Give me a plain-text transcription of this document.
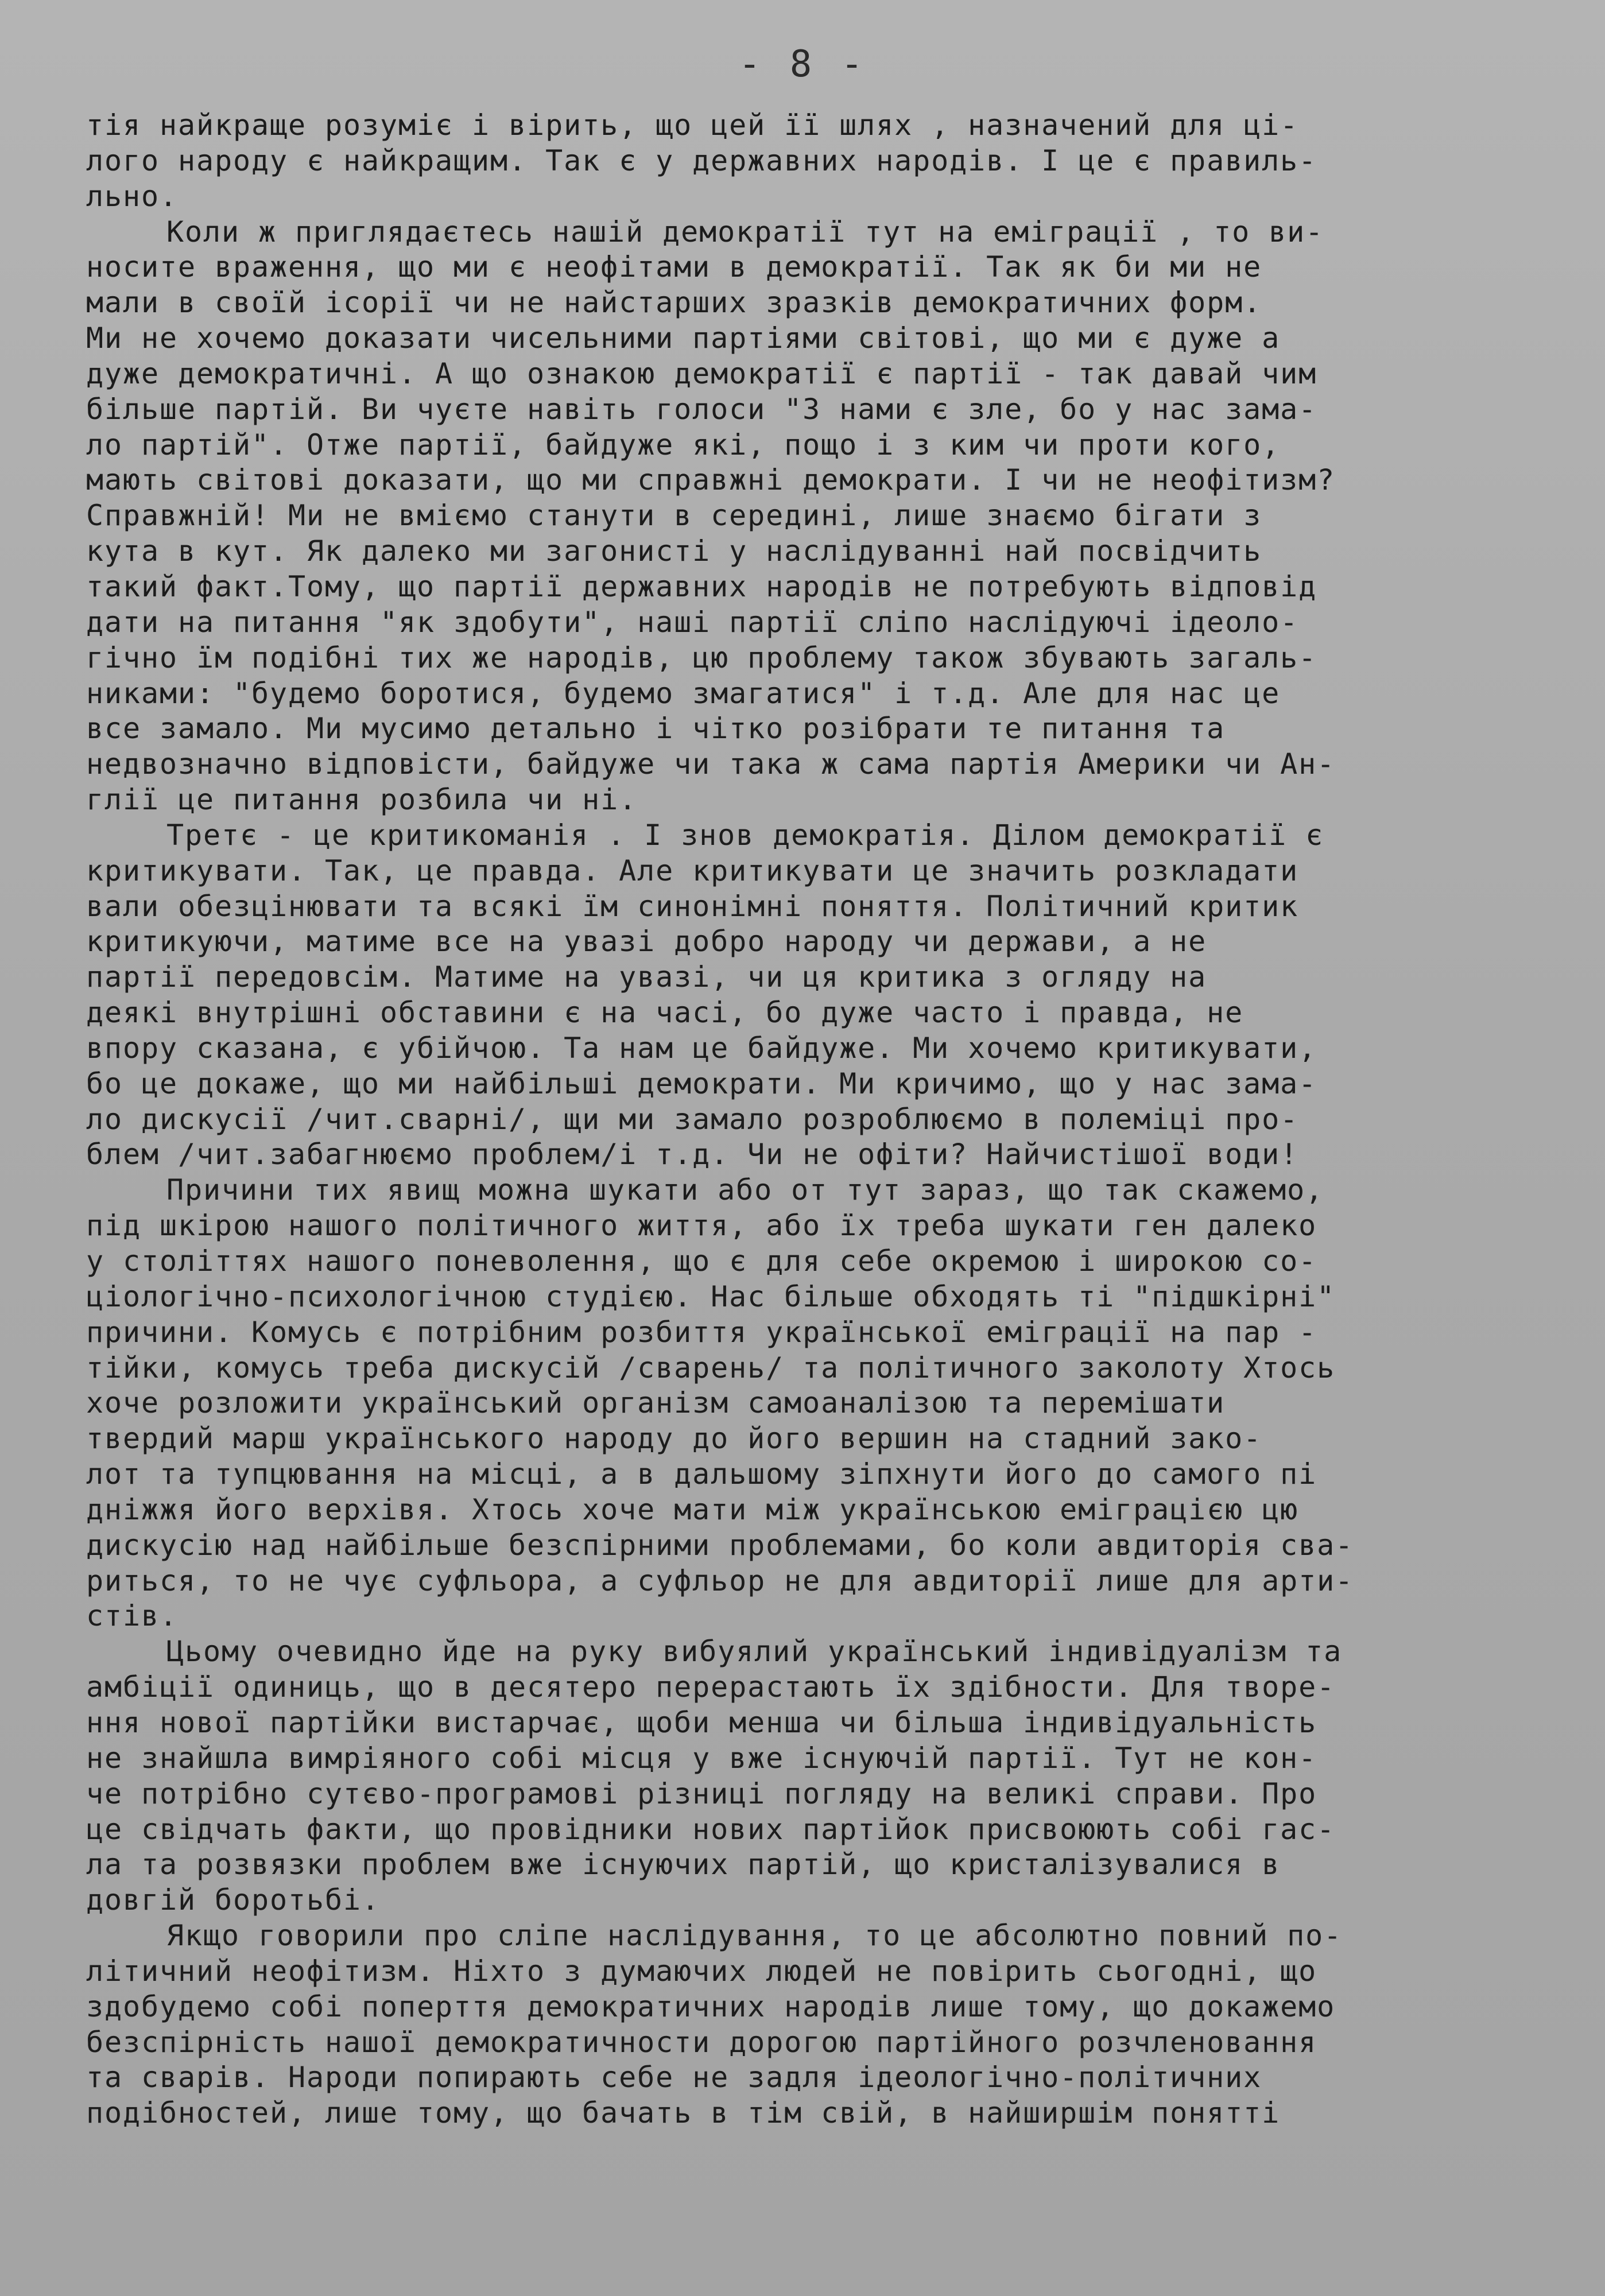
- 8 -
тія найкраще розуміє і вірить, що цей її шлях , назначений для ці-
лого народу є найкращим. Так є у державних народів. І це є правиль-
льно.
Коли ж приглядаєтесь нашій демократії тут на еміграції , то ви-
носите враження, що ми є неофітами в демократії. Так як би ми не
мали в своїй ісорії чи не найстарших зразків демократичних форм.
Ми не хочемо доказати чисельними партіями світові, що ми є дуже а
дуже демократичні. А що ознакою демократії є партії - так давай чим
більше партій. Ви чуєте навіть голоси "З нами є зле, бо у нас зама-
ло партій". Отже партії, байдуже які, пощо і з ким чи проти кого,
мають світові доказати, що ми справжні демократи. І чи не неофітизм?
Справжній! Ми не вміємо станути в середині, лише знаємо бігати з
кута в кут. Як далеко ми загонисті у наслідуванні най посвідчить
такий факт.Тому, що партії державних народів не потребують відповід
дати на питання "як здобути", наші партії сліпо наслідуючі ідеоло-
гічно їм подібні тих же народів, цю проблему також збувають загаль-
никами: "будемо боротися, будемо змагатися" і т.д. Але для нас це
все замало. Ми мусимо детально і чітко розібрати те питання та
недвозначно відповісти, байдуже чи така ж сама партія Америки чи Ан-
глії це питання розбила чи ні.
Третє - це критикоманія . І знов демократія. Ділом демократії є
критикувати. Так, це правда. Але критикувати це значить розкладати
вали обезцінювати та всякі їм синонімні поняття. Політичний критик
критикуючи, матиме все на увазі добро народу чи держави, а не
партії передовсім. Матиме на увазі, чи ця критика з огляду на
деякі внутрішні обставини є на часі, бо дуже часто і правда, не
впору сказана, є убійчою. Та нам це байдуже. Ми хочемо критикувати,
бо це докаже, що ми найбільші демократи. Ми кричимо, що у нас зама-
ло дискусії /чит.сварні/, щи ми замало розроблюємо в полеміці про-
блем /чит.забагнюємо проблем/і т.д. Чи не офіти? Найчистішої води!
Причини тих явищ можна шукати або от тут зараз, що так скажемо,
під шкірою нашого політичного життя, або їх треба шукати ген далеко
у століттях нашого поневолення, що є для себе окремою і широкою со-
ціологічно-психологічною студією. Нас більше обходять ті "підшкірні"
причини. Комусь є потрібним розбиття української еміграції на пар -
тійки, комусь треба дискусій /сварень/ та політичного заколоту Хтось
хоче розложити український організм самоаналізою та перемішати
твердий марш українського народу до його вершин на стадний зако-
лот та тупцювання на місці, а в дальшому зіпхнути його до самого пі
днiжжя його верхівя. Хтось хоче мати між українською еміграцією цю
дискусію над найбільше безспірними проблемами, бо коли авдиторія сва-
риться, то не чує суфльора, а суфльор не для авдиторії лише для арти-
стів.
Цьому очевидно йде на руку вибуялий український індивідуалізм та
амбіції одиниць, що в десятеро перерастають їх здібности. Для творе-
ння нової партійки вистарчає, щоби менша чи більша індивідуальність
не знайшла вимріяного собі місця у вже існуючій партії. Тут не кон-
че потрібно сутєво-програмові різниці погляду на великі справи. Про
це свідчать факти, що провідники нових партійок присвоюють собі гас-
ла та розвязки проблем вже існуючих партій, що кристалізувалися в
довгій боротьбі.
Якщо говорили про сліпе наслідування, то це абсолютно повний по-
літичний неофітизм. Ніхто з думаючих людей не повірить сьогодні, що
здобудемо собі поперття демократичних народів лише тому, що докажемо
безспірність нашої демократичности дорогою партійного розчленовання
та сварів. Народи попирають себе не задля ідеологічно-політичних
подібностей, лише тому, що бачать в тім свій, в найширшім понятті
